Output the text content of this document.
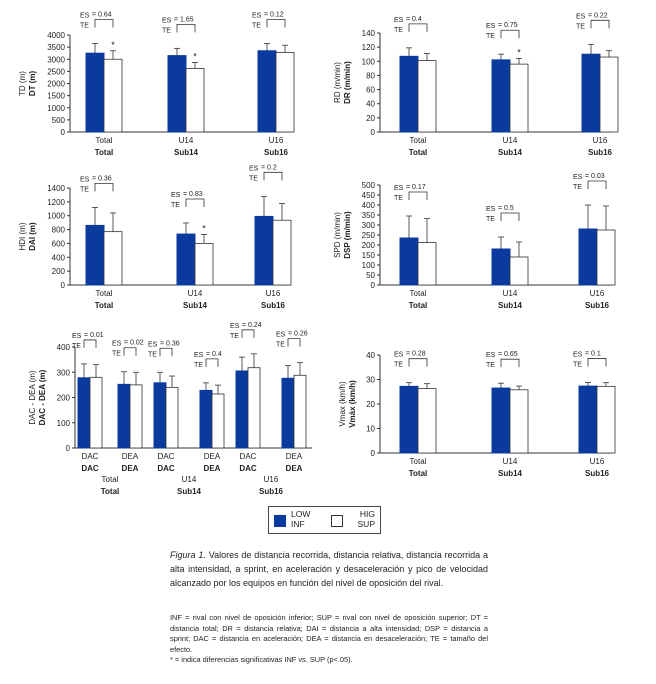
0
500
1000
1500
2000
2500
3000
3500
4000
TD (m) DT (m)
*
ES
TE
= 0.64
Total
Total
*
ES
TE
= 1.65
U14
Sub14
ES
TE
= 0.12
U16
Sub16
0
20
40
60
80
100
120
140
RD (m/min) DR (m/min)
ES
TE
= 0.4
Total
Total
*
ES
TE
= 0.75
U14
Sub14
ES
TE
= 0.22
U16
Sub16
0
200
400
600
800
1000
1200
1400
HDI (m) DAI (m)
ES
TE
= 0.36
Total
Total
*
ES
TE
= 0.83
U14
Sub14
ES
TE
= 0.2
U16
Sub16
0
50
100
150
200
250
300
350
400
450
500
SPD (m/min) DSP (m/min)
ES
TE
= 0.17
Total
Total
ES
TE
= 0.5
U14
Sub14
ES
TE
= 0.03
U16
Sub16
0
100
200
300
400
DAC - DEA (m) DAC - DEA (m)
ES
TE
= 0.01
DAC
DAC
ES
TE
= 0.02
DEA
DEA
ES
TE
= 0.36
DAC
DAC
ES
TE
= 0.4
DEA
DEA
ES
TE
= 0.24
DAC
DAC
ES
TE
= 0.26
DEA
DEA
Total
Total
U14
Sub14
U16
Sub16
0
10
20
30
40
Vmax (km/h) Vmáx (km/h)
ES
TE
= 0.28
Total
Total
ES
TE
= 0.65
U14
Sub14
ES
TE
= 0.1
U16
Sub16
LOW
INF
HIG
SUP
Figura 1. Valores de distancia recorrida, distancia relativa, distancia recorrida a alta intensidad, a sprint, en aceleración y desaceleración y pico de velocidad alcanzado por los equipos en función del nivel de oposición del rival.
INF = rival con nivel de oposición inferior; SUP = rival con nivel de oposición superior; DT = distancia total; DR = distancia relativa; DAI = distancia a alta intensidad; DSP = distancia a sprint; DAC = distancia en aceleración; DEA = distancia en desaceleración; TE = tamaño del efecto.
* = indica diferencias significativas INF vs. SUP (p<.05).
